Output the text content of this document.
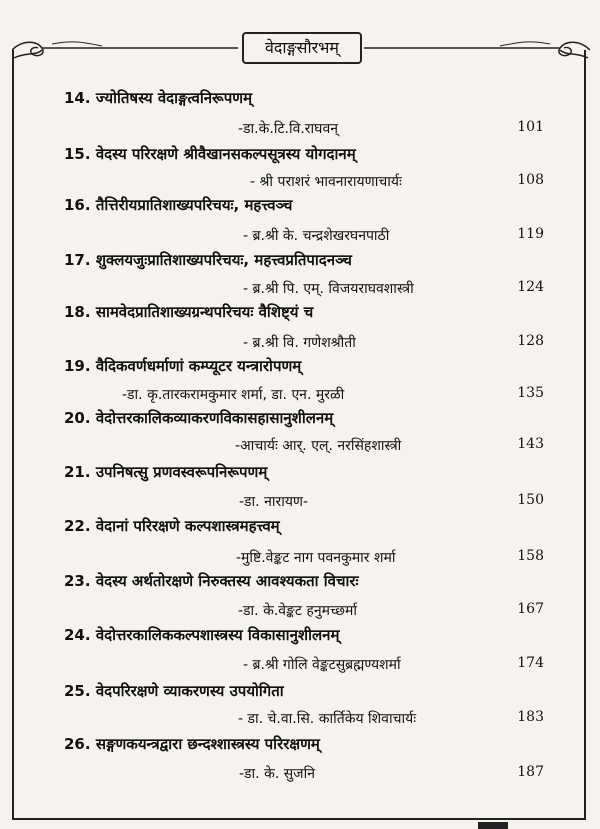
वेदाङ्गसौरभम्
14. ज्योतिषस्य वेदाङ्गत्वनिरूपणम्
-डा.के.टि.वि.राघवन्	101
15. वेदस्य परिरक्षणे श्रीवैखानसकल्पसूत्रस्य योगदानम्
- श्री पराशरं भावनारायणाचार्यः	108
16. तैत्तिरीयप्रातिशाख्यपरिचयः, महत्त्वञ्च
- ब्र.श्री के. चन्द्रशेखरघनपाठी	119
17. शुक्लयजुःप्रातिशाख्यपरिचयः, महत्त्वप्रतिपादनञ्च
- ब्र.श्री पि. एम्. विजयराघवशास्त्री	124
18. सामवेदप्रातिशाख्यग्रन्थपरिचयः वैशिष्ट्यं च
- ब्र.श्री वि. गणेशश्रौती	128
19. वैदिकवर्णधर्माणां कम्प्यूटर यन्त्रारोपणम्
-डा. कृ.तारकरामकुमार शर्मा, डा. एन. मुरळी	135
20. वेदोत्तरकालिकव्याकरणविकासहासानुशीलनम्
-आचार्यः आर्. एल्. नरसिंहशास्त्री	143
21. उपनिषत्सु प्रणवस्वरूपनिरूपणम्
-डा. नारायण-	150
22. वेदानां परिरक्षणे कल्पशास्त्रमहत्त्वम्
-मुष्टि.वेङ्कट नाग पवनकुमार शर्मा	158
23. वेदस्य अर्थतोरक्षणे निरुक्तस्य आवश्यकता विचारः
-डा. के.वेङ्कट हनुमच्छर्मा	167
24. वेदोत्तरकालिककल्पशास्त्रस्य विकासानुशीलनम्
- ब्र.श्री गोलि वेङ्कटसुब्रह्मण्यशर्मा	174
25. वेदपरिरक्षणे व्याकरणस्य उपयोगिता
- डा. चे.वा.सि. कार्तिकेय शिवाचार्यः	183
26. सङ्गणकयन्त्रद्वारा छन्दश्शास्त्रस्य परिरक्षणम्
-डा. के. सुजनि	187
